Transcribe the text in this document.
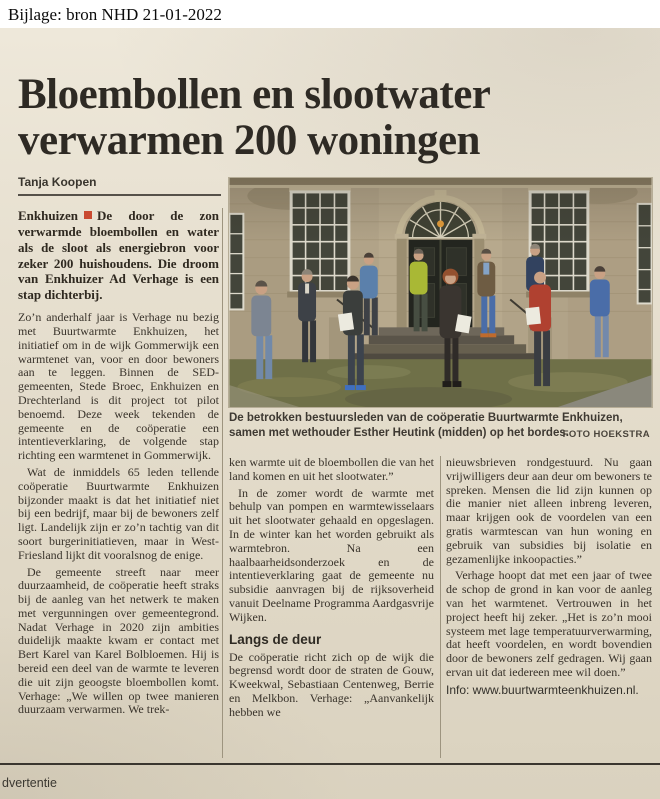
Bijlage: bron NHD 21-01-2022
Bloembollen en slootwater
verwarmen 200 woningen
Tanja Koopen

Enkhuizen De door de zon verwarmde bloembollen en water als de sloot als energiebron voor zeker 200 huishoudens. Die droom van Enkhuizer Ad Verhage is een stap dichterbij.

Zo’n anderhalf jaar is Verhage nu bezig met Buurtwarmte Enkhuizen, het initiatief om in de wijk Gommerwijk een warmtenet van, voor en door bewoners aan te leggen. Binnen de SED-gemeenten, Stede Broec, Enkhuizen en Drechterland is dit project tot pilot benoemd. Deze week tekenden de gemeente en de coöperatie een intentieverklaring, de volgende stap richting een warmtenet in Gommerwijk.

Wat de inmiddels 65 leden tellende coöperatie Buurtwarmte Enkhuizen bijzonder maakt is dat het initiatief niet bij een bedrijf, maar bij de bewoners zelf ligt. Landelijk zijn er zo’n tachtig van dit soort burgerinitiatieven, maar in West-Friesland lijkt dit vooralsnog de enige.

De gemeente streeft naar meer duurzaamheid, de coöperatie heeft straks bij de aanleg van het netwerk te maken met vergunningen over gemeentegrond. Nadat Verhage in 2020 zijn ambities duidelijk maakte kwam er contact met Bert Karel van Karel Bolbloemen. Hij is bereid een deel van de warmte te leveren die uit zijn geoogste bloembollen komt. Verhage: „We willen op twee manieren duurzaam verwarmen. We trek-

De betrokken bestuursleden van de coöperatie Buurtwarmte Enkhuizen, samen met wethouder Esther Heutink (midden) op het bordes.
FOTO HOEKSTRA

ken warmte uit de bloembollen die van het land komen en uit het slootwater.”

In de zomer wordt de warmte met behulp van pompen en warmtewisselaars uit het slootwater gehaald en opgeslagen. In de winter kan het worden gebruikt als warmtebron. Na een haalbaarheidsonderzoek en de intentieverklaring gaat de gemeente nu subsidie aanvragen bij de rijksoverheid vanuit Deelname Programma Aardgasvrije Wijken.

Langs de deur

De coöperatie richt zich op de wijk die begrensd wordt door de straten de Gouw, Kweekwal, Sebastiaan Centenweg, Berrie en Melkbon. Verhage: „Aanvankelijk hebben we

nieuwsbrieven rondgestuurd. Nu gaan vrijwilligers deur aan deur om bewoners te spreken. Mensen die lid zijn kunnen op die manier niet alleen inbreng leveren, maar krijgen ook de voordelen van een gratis warmtescan van hun woning en gebruik van subsidies bij isolatie en gezamenlijke inkoopacties.”

Verhage hoopt dat met een jaar of twee de schop de grond in kan voor de aanleg van het warmtenet. Vertrouwen in het project heeft hij zeker. „Het is zo’n mooi systeem met lage temperatuurverwarming, dat heeft voordelen, en wordt bovendien door de bewoners zelf gedragen. Wij gaan ervan uit dat iedereen mee wil doen.”

Info: www.buurtwarmteenkhuizen.nl.
dvertentie
